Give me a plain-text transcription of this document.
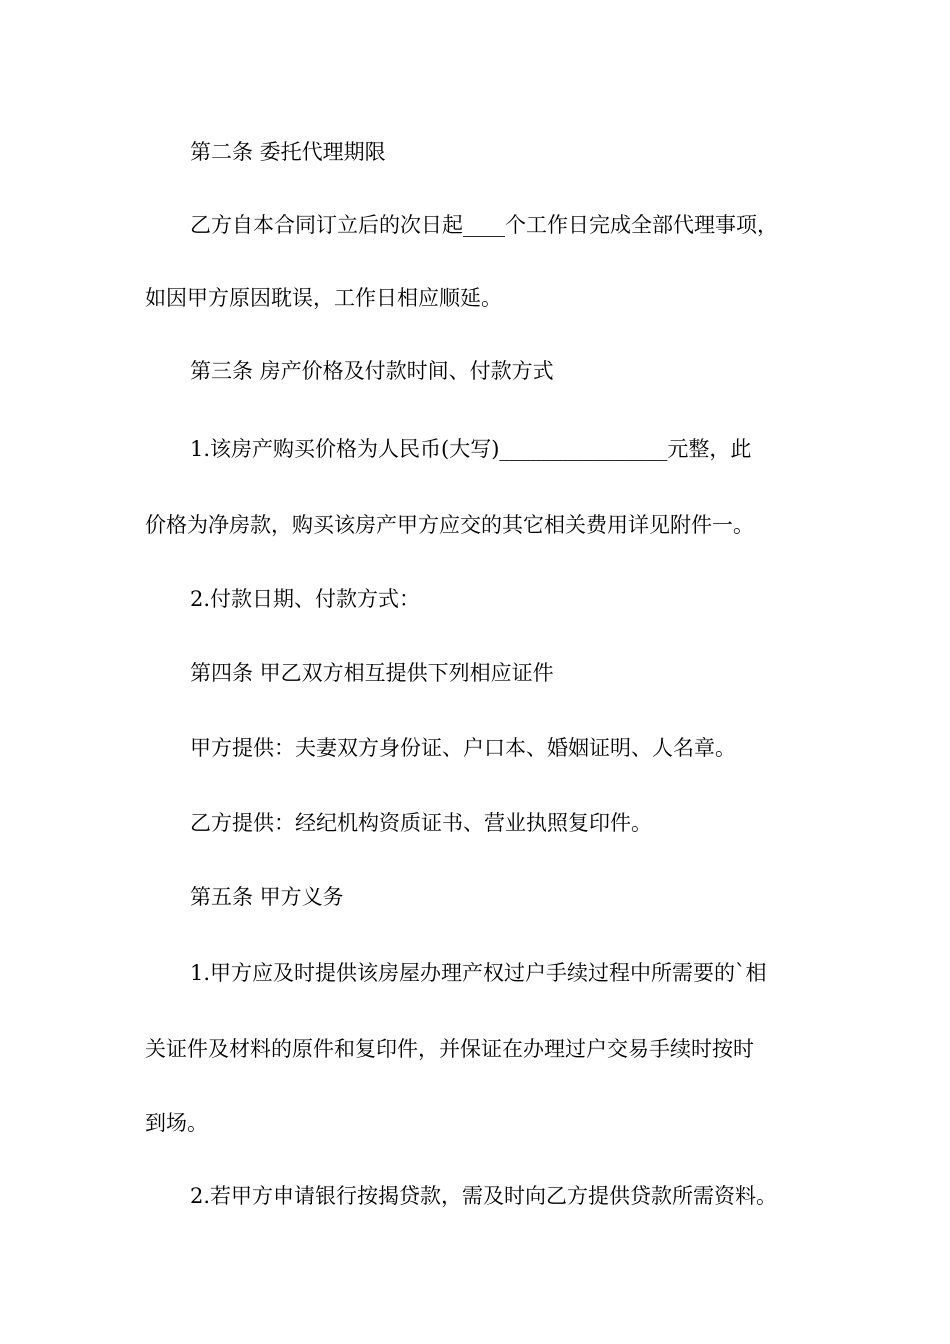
第二条 委托代理期限
乙方自本合同订立后的次日起____个工作日完成全部代理事项，
如因甲方原因耽误，工作日相应顺延。
第三条 房产价格及付款时间、付款方式
1.该房产购买价格为人民币(大写)________________元整，此
价格为净房款，购买该房产甲方应交的其它相关费用详见附件一。
2.付款日期、付款方式：
第四条 甲乙双方相互提供下列相应证件
甲方提供：夫妻双方身份证、户口本、婚姻证明、人名章。
乙方提供：经纪机构资质证书、营业执照复印件。
第五条 甲方义务
1.甲方应及时提供该房屋办理产权过户手续过程中所需要的`相
关证件及材料的原件和复印件，并保证在办理过户交易手续时按时
到场。
2.若甲方申请银行按揭贷款，需及时向乙方提供贷款所需资料。
